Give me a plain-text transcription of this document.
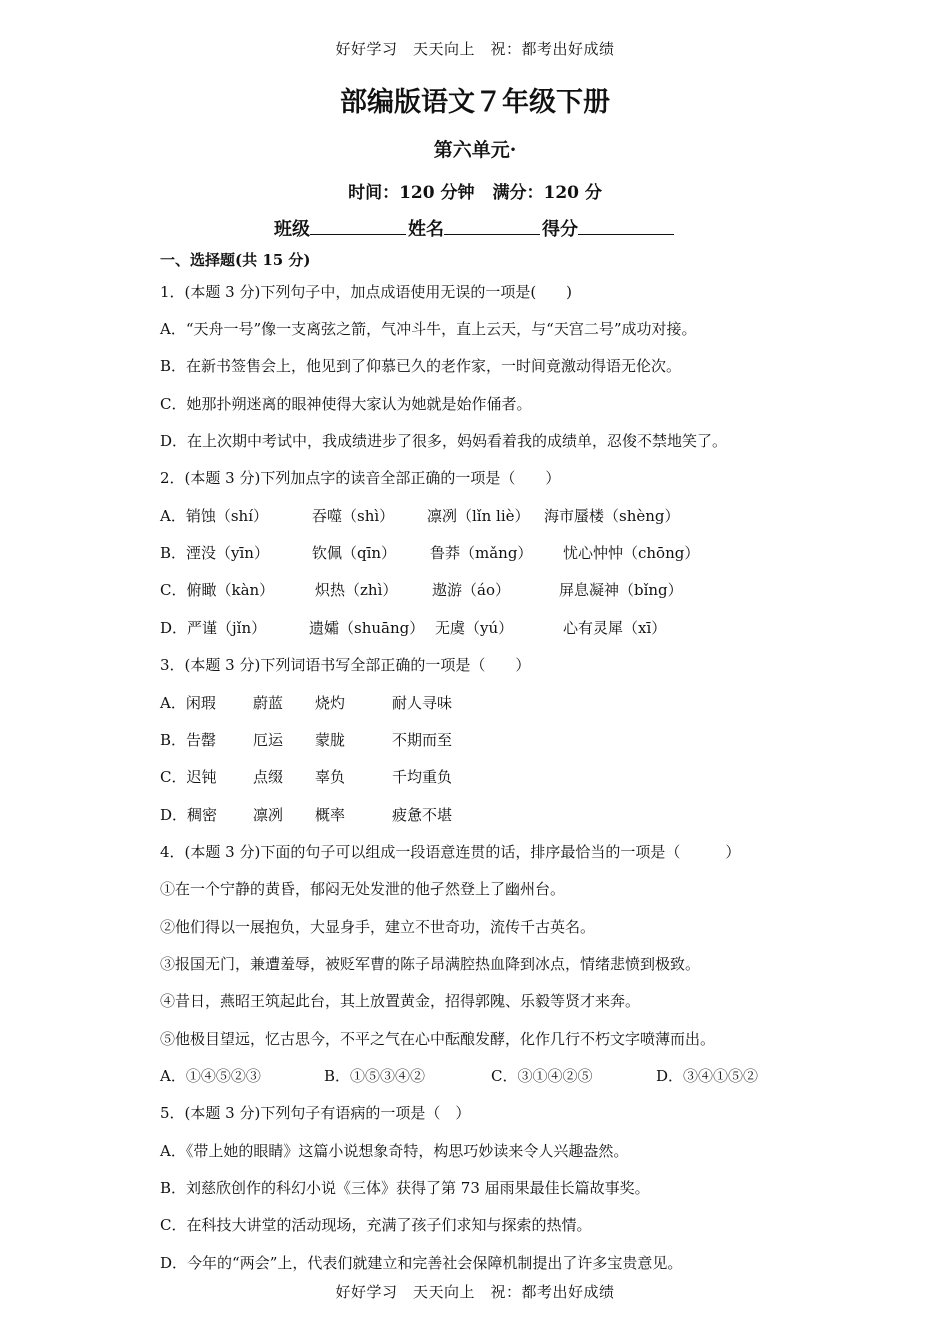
好好学习　天天向上　祝：都考出好成绩
部编版语文７年级下册
第六单元·
时间：120 分钟 满分：120 分
班级	姓名	得分
一、选择题(共 15 分)
1．(本题 3 分)下列句子中，加点成语使用无误的一项是(　　)
A．“天舟一号”像一支离弦之箭，气冲斗牛，直上云天，与“天宫二号”成功对接。
B．在新书签售会上，他见到了仰慕已久的老作家，一时间竟激动得语无伦次。
C．她那扑朔迷离的眼神使得大家认为她就是始作俑者。
D．在上次期中考试中，我成绩进步了很多，妈妈看着我的成绩单，忍俊不禁地笑了。
2．(本题 3 分)下列加点字的读音全部正确的一项是（　　）
A．销蚀（shí）	吞噬（shì） 凛冽（lǐn liè） 海市蜃楼（shèng）
B．湮没（yīn）	钦佩（qīn） 鲁莽（mǎng） 忧心忡忡（chōng）
C．俯瞰（kàn）	炽热（zhì） 遨游（áo）	屏息凝神（bǐng）
D．严谨（jǐn）	遗孀（shuāng） 无虞（yú）	心有灵犀（xī）
3．(本题 3 分)下列词语书写全部正确的一项是（　　）
A．闲瑕 蔚蓝 烧灼	耐人寻味
B．告罄 厄运 蒙胧	不期而至
C．迟钝 点缀 辜负	千均重负
D．稠密 凛冽 概率	疲惫不堪
4．(本题 3 分)下面的句子可以组成一段语意连贯的话，排序最恰当的一项是（　　　）
①在一个宁静的黄昏，郁闷无处发泄的他孑然登上了幽州台。
②他们得以一展抱负，大显身手，建立不世奇功，流传千古英名。
③报国无门，兼遭羞辱，被贬军曹的陈子昂满腔热血降到冰点，情绪悲愤到极致。
④昔日，燕昭王筑起此台，其上放置黄金，招得郭隗、乐毅等贤才来奔。
⑤他极目望远，忆古思今，不平之气在心中酝酿发酵，化作几行不朽文字喷薄而出。
A．①④⑤②③	B．①⑤③④②	C．③①④②⑤	D．③④①⑤②
5．(本题 3 分)下列句子有语病的一项是（　）
A．《带上她的眼睛》这篇小说想象奇特，构思巧妙读来令人兴趣盎然。
B．刘慈欣创作的科幻小说《三体》获得了第 73 届雨果最佳长篇故事奖。
C．在科技大讲堂的活动现场，充满了孩子们求知与探索的热情。
D．今年的“两会”上，代表们就建立和完善社会保障机制提出了许多宝贵意见。
好好学习　天天向上　祝：都考出好成绩
